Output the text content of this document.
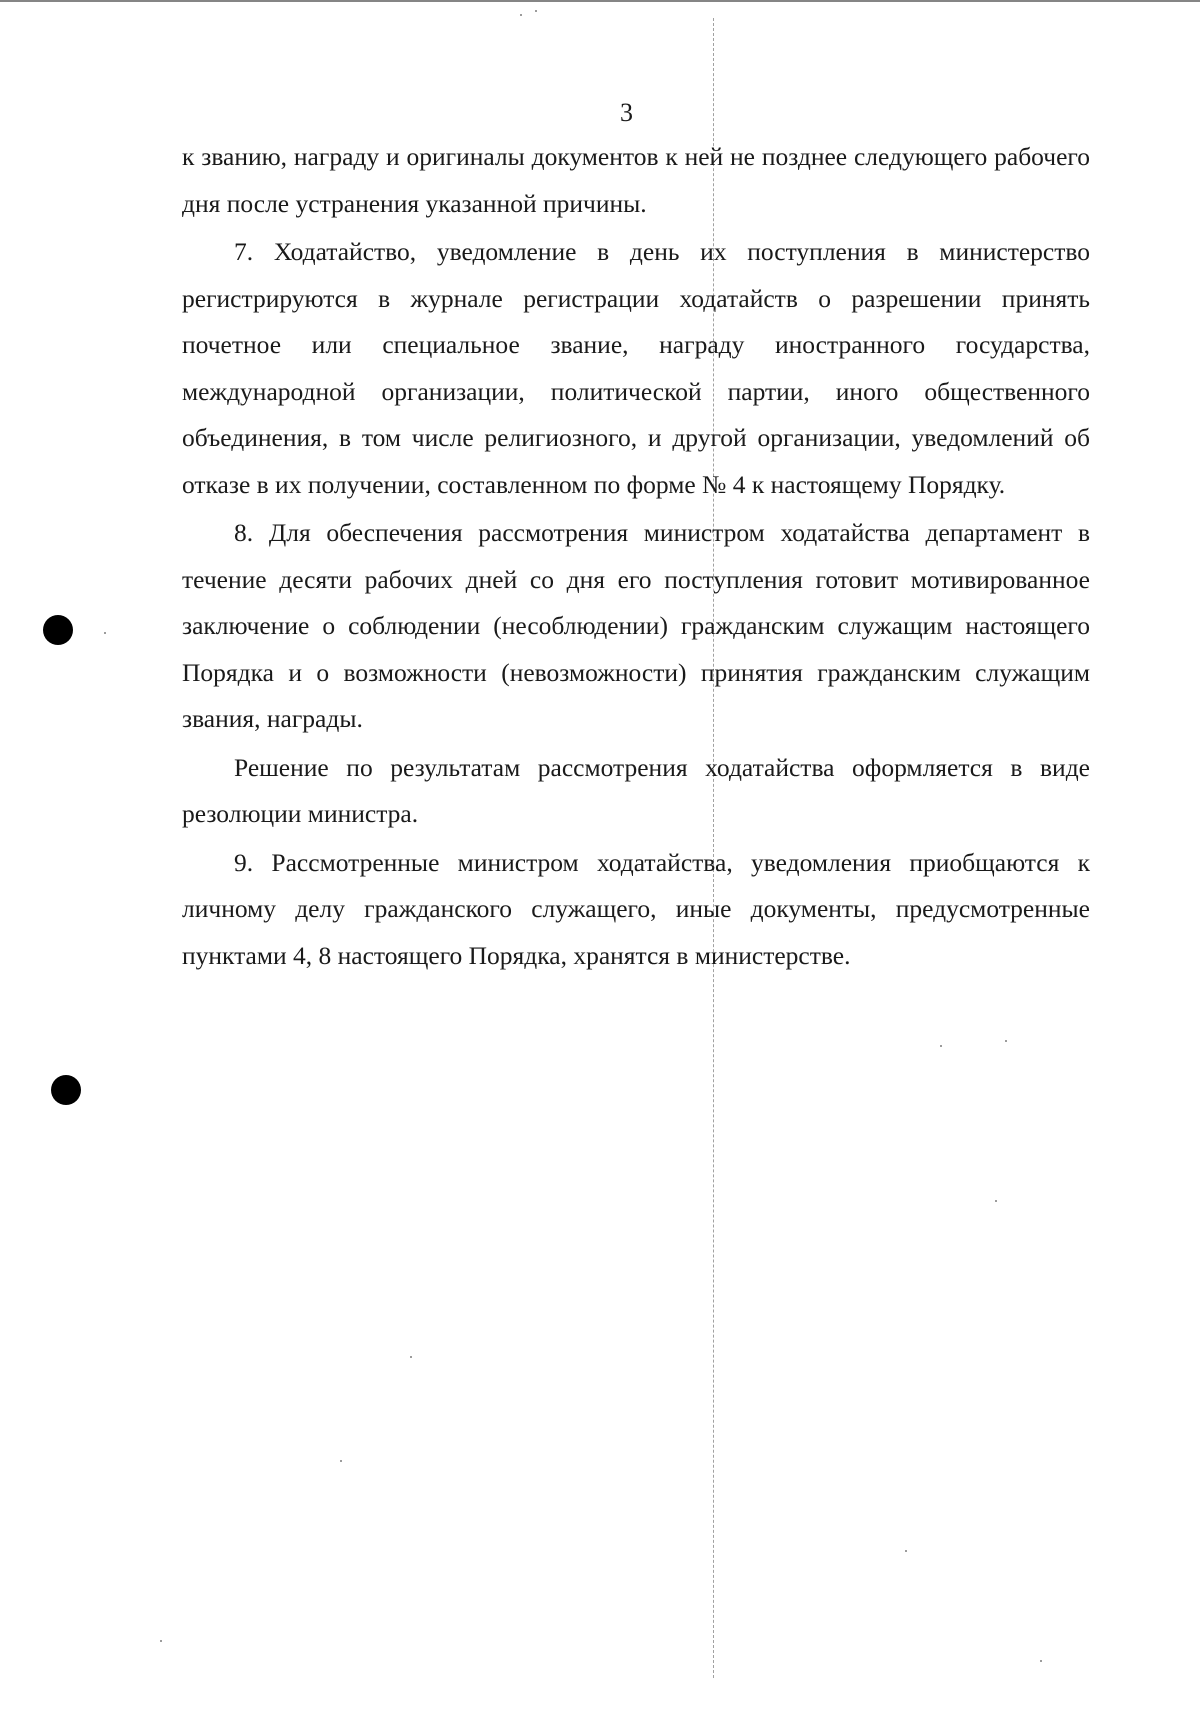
3

к званию, награду и оригиналы документов к ней не позднее следующего рабочего дня после устранения указанной причины.

7. Ходатайство, уведомление в день их поступления в министерство регистрируются в журнале регистрации ходатайств о разрешении принять почетное или специальное звание, награду иностранного государства, международной организации, политической партии, иного общественного объединения, в том числе религиозного, и другой организации, уведомлений об отказе в их получении, составленном по форме № 4 к настоящему Порядку.

8. Для обеспечения рассмотрения министром ходатайства департамент в течение десяти рабочих дней со дня его поступления готовит мотивированное заключение о соблюдении (несоблюдении) гражданским служащим настоящего Порядка и о возможности (невозможности) принятия гражданским служащим звания, награды.

Решение по результатам рассмотрения ходатайства оформляется в виде резолюции министра.

9. Рассмотренные министром ходатайства, уведомления приобщаются к личному делу гражданского служащего, иные документы, предусмотренные пунктами 4, 8 настоящего Порядка, хранятся в министерстве.
